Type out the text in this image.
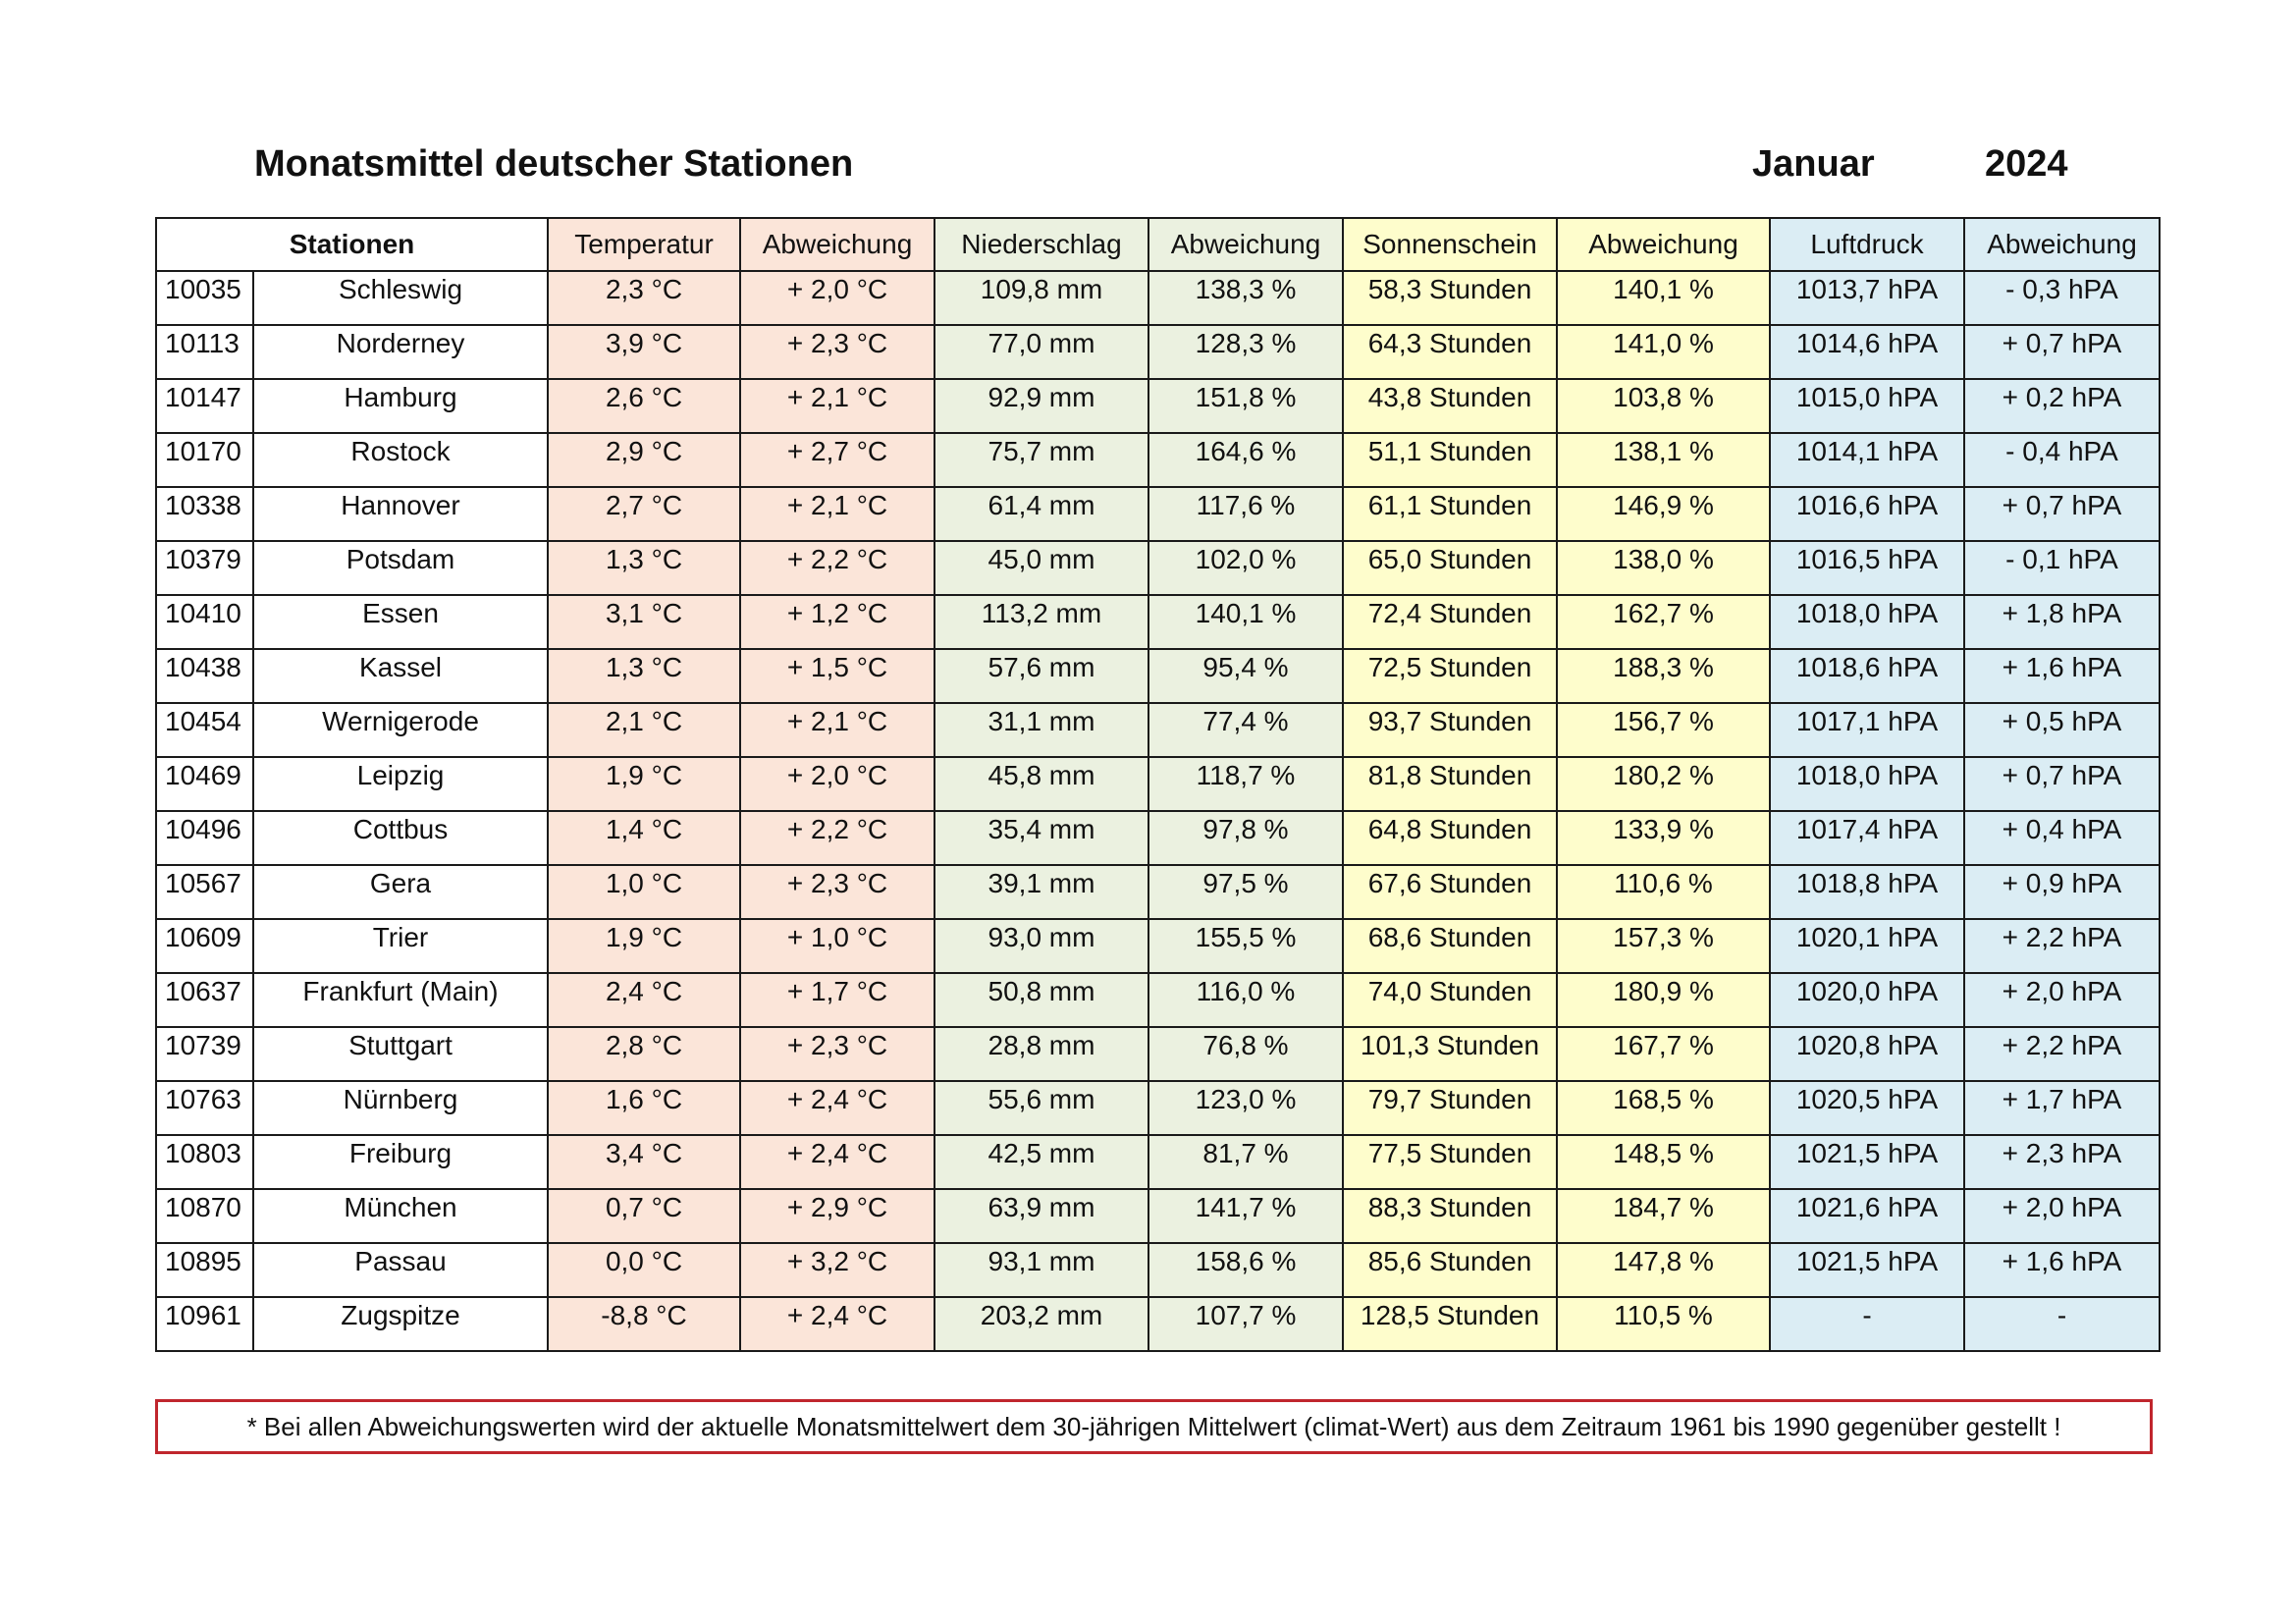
Monatsmittel deutscher Stationen	Januar	2024
Stationen		Temperatur	Abweichung	Niederschlag	Abweichung	Sonnenschein	Abweichung	Luftdruck	Abweichung
10035	Schleswig	2,3 °C	+ 2,0 °C	109,8 mm	138,3 %	58,3 Stunden	140,1 %	1013,7 hPA	- 0,3 hPA
10113	Norderney	3,9 °C	+ 2,3 °C	77,0 mm	128,3 %	64,3 Stunden	141,0 %	1014,6 hPA	+ 0,7 hPA
10147	Hamburg	2,6 °C	+ 2,1 °C	92,9 mm	151,8 %	43,8 Stunden	103,8 %	1015,0 hPA	+ 0,2 hPA
10170	Rostock	2,9 °C	+ 2,7 °C	75,7 mm	164,6 %	51,1 Stunden	138,1 %	1014,1 hPA	- 0,4 hPA
10338	Hannover	2,7 °C	+ 2,1 °C	61,4 mm	117,6 %	61,1 Stunden	146,9 %	1016,6 hPA	+ 0,7 hPA
10379	Potsdam	1,3 °C	+ 2,2 °C	45,0 mm	102,0 %	65,0 Stunden	138,0 %	1016,5 hPA	- 0,1 hPA
10410	Essen	3,1 °C	+ 1,2 °C	113,2 mm	140,1 %	72,4 Stunden	162,7 %	1018,0 hPA	+ 1,8 hPA
10438	Kassel	1,3 °C	+ 1,5 °C	57,6 mm	95,4 %	72,5 Stunden	188,3 %	1018,6 hPA	+ 1,6 hPA
10454	Wernigerode	2,1 °C	+ 2,1 °C	31,1 mm	77,4 %	93,7 Stunden	156,7 %	1017,1 hPA	+ 0,5 hPA
10469	Leipzig	1,9 °C	+ 2,0 °C	45,8 mm	118,7 %	81,8 Stunden	180,2 %	1018,0 hPA	+ 0,7 hPA
10496	Cottbus	1,4 °C	+ 2,2 °C	35,4 mm	97,8 %	64,8 Stunden	133,9 %	1017,4 hPA	+ 0,4 hPA
10567	Gera	1,0 °C	+ 2,3 °C	39,1 mm	97,5 %	67,6 Stunden	110,6 %	1018,8 hPA	+ 0,9 hPA
10609	Trier	1,9 °C	+ 1,0 °C	93,0 mm	155,5 %	68,6 Stunden	157,3 %	1020,1 hPA	+ 2,2 hPA
10637	Frankfurt (Main)	2,4 °C	+ 1,7 °C	50,8 mm	116,0 %	74,0 Stunden	180,9 %	1020,0 hPA	+ 2,0 hPA
10739	Stuttgart	2,8 °C	+ 2,3 °C	28,8 mm	76,8 %	101,3 Stunden	167,7 %	1020,8 hPA	+ 2,2 hPA
10763	Nürnberg	1,6 °C	+ 2,4 °C	55,6 mm	123,0 %	79,7 Stunden	168,5 %	1020,5 hPA	+ 1,7 hPA
10803	Freiburg	3,4 °C	+ 2,4 °C	42,5 mm	81,7 %	77,5 Stunden	148,5 %	1021,5 hPA	+ 2,3 hPA
10870	München	0,7 °C	+ 2,9 °C	63,9 mm	141,7 %	88,3 Stunden	184,7 %	1021,6 hPA	+ 2,0 hPA
10895	Passau	0,0 °C	+ 3,2 °C	93,1 mm	158,6 %	85,6 Stunden	147,8 %	1021,5 hPA	+ 1,6 hPA
10961	Zugspitze	-8,8 °C	+ 2,4 °C	203,2 mm	107,7 %	128,5 Stunden	110,5 %	-	-
* Bei allen Abweichungswerten wird der aktuelle Monatsmittelwert dem 30-jährigen Mittelwert (climat-Wert) aus dem Zeitraum 1961 bis 1990 gegenüber gestellt !
